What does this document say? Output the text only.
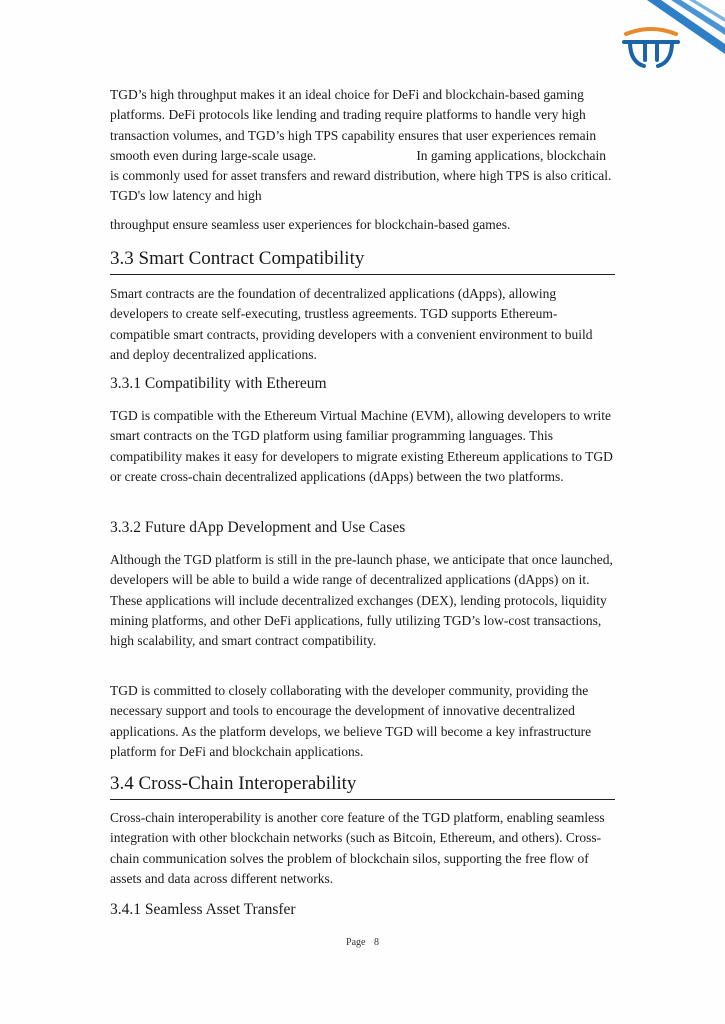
TGD’s high throughput makes it an ideal choice for DeFi and blockchain-based gaming platforms. DeFi protocols like lending and trading require platforms to handle very high transaction volumes, and TGD’s high TPS capability ensures that user experiences remain smooth even during large-scale usage.	In gaming applications, blockchain is commonly used for asset transfers and reward distribution, where high TPS is also critical. TGD's low latency and high

throughput ensure seamless user experiences for blockchain-based games.

3.3 Smart Contract Compatibility

Smart contracts are the foundation of decentralized applications (dApps), allowing developers to create self-executing, trustless agreements. TGD supports Ethereum-compatible smart contracts, providing developers with a convenient environment to build and deploy decentralized applications.

3.3.1 Compatibility with Ethereum

TGD is compatible with the Ethereum Virtual Machine (EVM), allowing developers to write smart contracts on the TGD platform using familiar programming languages. This compatibility makes it easy for developers to migrate existing Ethereum applications to TGD or create cross-chain decentralized applications (dApps) between the two platforms.

3.3.2 Future dApp Development and Use Cases

Although the TGD platform is still in the pre-launch phase, we anticipate that once launched, developers will be able to build a wide range of decentralized applications (dApps) on it. These applications will include decentralized exchanges (DEX), lending protocols, liquidity mining platforms, and other DeFi applications, fully utilizing TGD’s low-cost transactions, high scalability, and smart contract compatibility.

TGD is committed to closely collaborating with the developer community, providing the necessary support and tools to encourage the development of innovative decentralized applications. As the platform develops, we believe TGD will become a key infrastructure platform for DeFi and blockchain applications.

3.4 Cross-Chain Interoperability

Cross-chain interoperability is another core feature of the TGD platform, enabling seamless integration with other blockchain networks (such as Bitcoin, Ethereum, and others). Cross-chain communication solves the problem of blockchain silos, supporting the free flow of assets and data across different networks.

3.4.1 Seamless Asset Transfer
Page 8
